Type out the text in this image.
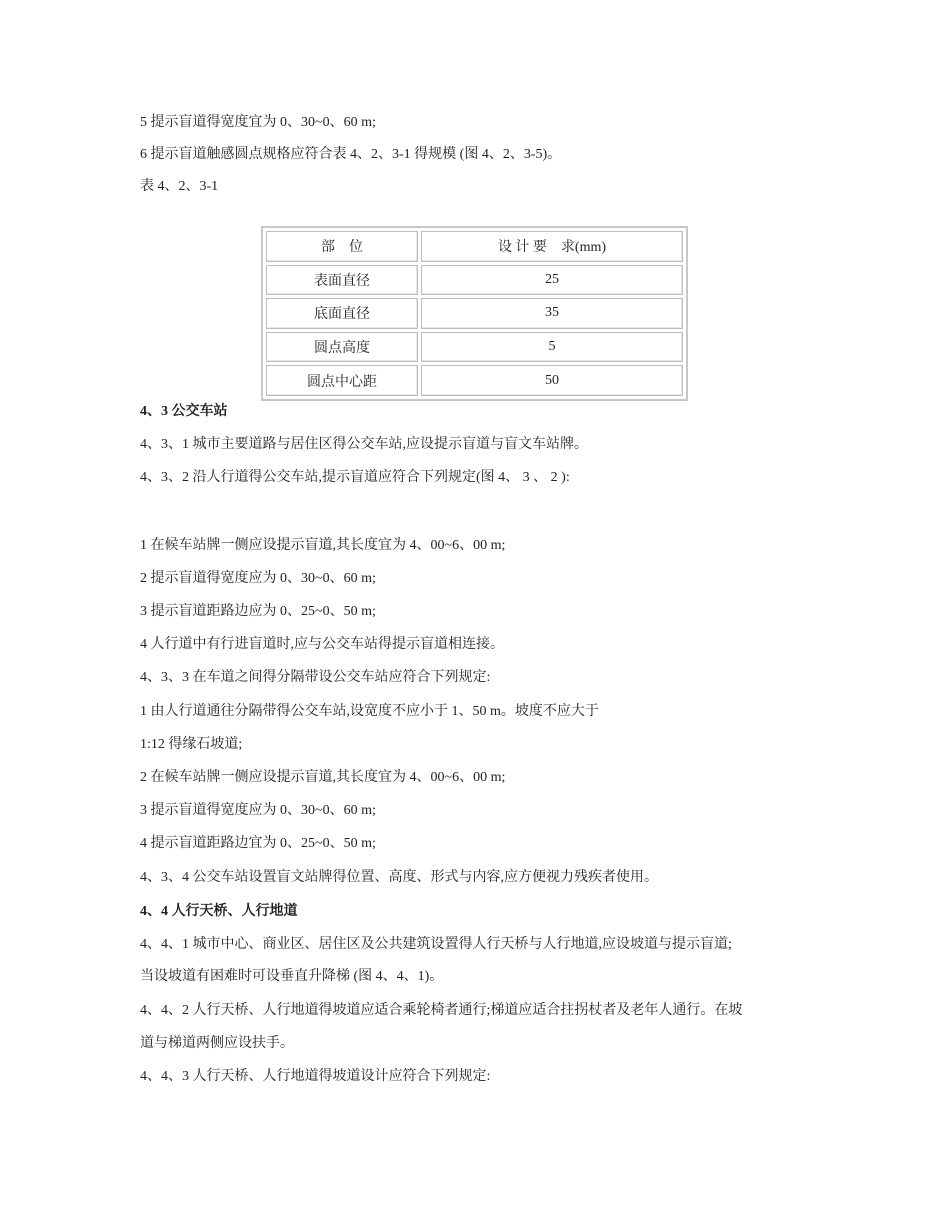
5 提示盲道得宽度宜为 0、30~0、60 m;
6 提示盲道触感圆点规格应符合表 4、2、3-1 得规模 (图 4、2、3-5)。
表 4、2、3-1
部　位	设 计 要　求(mm)
表面直径	25
底面直径	35
圆点高度	5
圆点中心距	50
4、3 公交车站
4、3、1 城市主要道路与居住区得公交车站,应设提示盲道与盲文车站牌。
4、3、2 沿人行道得公交车站,提示盲道应符合下列规定(图 4、 3 、 2 ):
1 在候车站牌一侧应设提示盲道,其长度宜为 4、00~6、00 m;
2 提示盲道得宽度应为 0、30~0、60 m;
3 提示盲道距路边应为 0、25~0、50 m;
4 人行道中有行进盲道时,应与公交车站得提示盲道相连接。
4、3、3 在车道之间得分隔带设公交车站应符合下列规定:
1 由人行道通往分隔带得公交车站,设宽度不应小于 1、50 m。坡度不应大于
1:12 得缘石坡道;
2 在候车站牌一侧应设提示盲道,其长度宜为 4、00~6、00 m;
3 提示盲道得宽度应为 0、30~0、60 m;
4 提示盲道距路边宜为 0、25~0、50 m;
4、3、4 公交车站设置盲文站牌得位置、高度、形式与内容,应方便视力残疾者使用。
4、4 人行天桥、人行地道
4、4、1 城市中心、商业区、居住区及公共建筑设置得人行天桥与人行地道,应设坡道与提示盲道;
当设坡道有困难时可设垂直升降梯 (图 4、4、1)。
4、4、2 人行天桥、人行地道得坡道应适合乘轮椅者通行;梯道应适合拄拐杖者及老年人通行。在坡
道与梯道两侧应设扶手。
4、4、3 人行天桥、人行地道得坡道设计应符合下列规定:
